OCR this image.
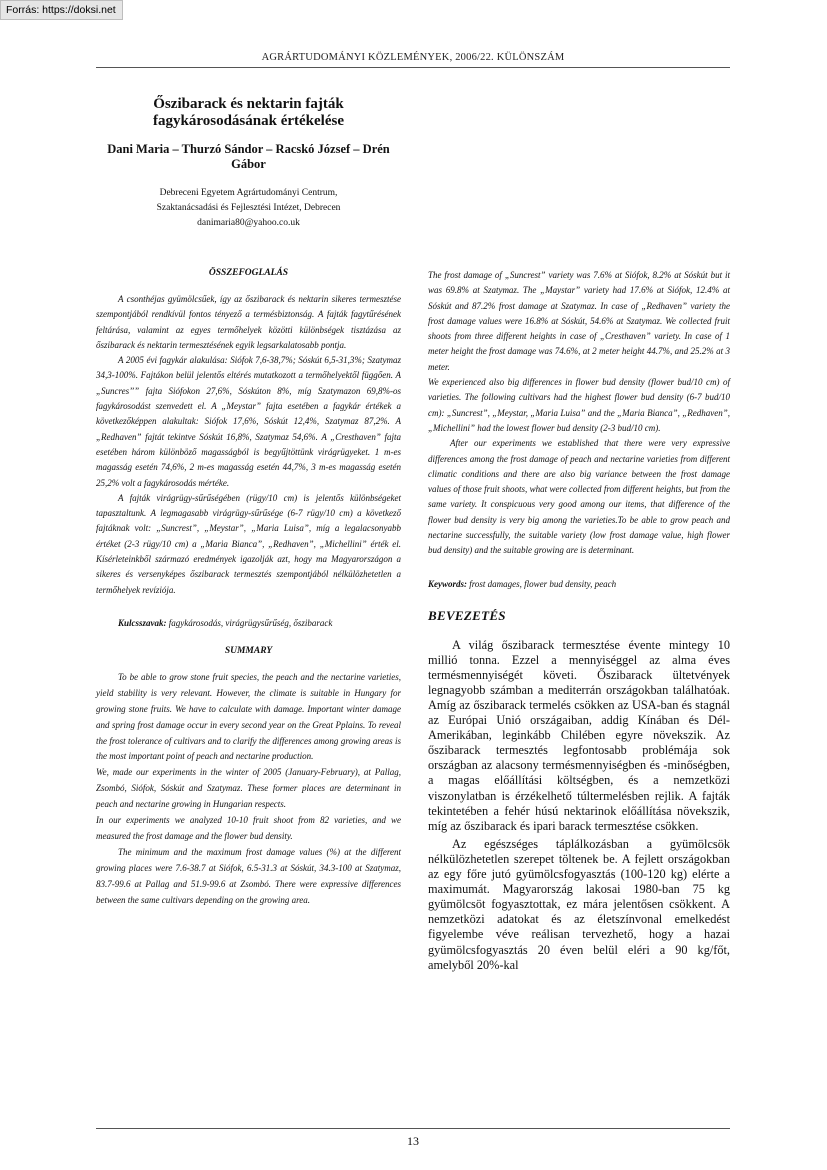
Forrás: https://doksi.net
AGRÁRTUDOMÁNYI KÖZLEMÉNYEK, 2006/22. KÜLÖNSZÁM
Őszibarack és nektarin fajták fagykárosodásának értékelése

Dani Maria – Thurzó Sándor – Racskó József – Drén Gábor

Debreceni Egyetem Agrártudományi Centrum,
Szaktanácsadási és Fejlesztési Intézet, Debrecen
danimaria80@yahoo.co.uk
ÖSSZEFOGLALÁS

A csonthéjas gyümölcsűek, így az őszibarack és nektarin sikeres termesztése szempontjából rendkívül fontos tényező a termésbiztonság. A fajták fagytűrésének feltárása, valamint az egyes termőhelyek közötti különbségek tisztázása az őszibarack és nektarin termesztésének egyik legsarkalatosabb pontja.

A 2005 évi fagykár alakulása: Siófok 7,6-38,7%; Sóskút 6,5-31,3%; Szatymaz 34,3-100%. Fajtákon belül jelentős eltérés mutatkozott a termőhelyektől függően. A „Suncres’’” fajta Siófokon 27,6%, Sóskúton 8%, míg Szatymazon 69,8%-os fagykárosodást szenvedett el. A „Meystar” fajta esetében a fagykár értékek a következőképpen alakultak: Siófok 17,6%, Sóskút 12,4%, Szatymaz 87,2%. A „Redhaven” fajtát tekintve Sóskút 16,8%, Szatymaz 54,6%. A „Cresthaven” fajta esetében három különböző magasságból is begyűjtöttünk virágrügyeket. 1 m-es magasság esetén 74,6%, 2 m-es magasság esetén 44,7%, 3 m-es magasság esetén 25,2% volt a fagykárosodás mértéke.

A fajták virágrügy-sűrűségében (rügy/10 cm) is jelentős különbségeket tapasztaltunk. A legmagasabb virágrügy-sűrűsége (6-7 rügy/10 cm) a következő fajtáknak volt: „Suncrest”, „Meystar”, „Maria Luisa”, míg a legalacsonyabb értéket (2-3 rügy/10 cm) a „Maria Bianca”, „Redhaven”, „Michellini” érték el. Kísérleteinkből származó eredmények igazolják azt, hogy ma Magyarországon a sikeres és versenyképes őszibarack termesztés szempontjából nélkülözhetetlen a termőhelyek revíziója.

Kulcsszavak: fagykárosodás, virágrügysűrűség, őszibarack

SUMMARY

To be able to grow stone fruit species, the peach and the nectarine varieties, yield stability is very relevant. However, the climate is suitable in Hungary for growing stone fruits. We have to calculate with damage. Important winter damage and spring frost damage occur in every second year on the Great Pplains. To reveal the frost tolerance of cultivars and to clarify the differences among growing areas is the most important point of peach and nectarine production.

We, made our experiments in the winter of 2005 (January-February), at Pallag, Zsombó, Siófok, Sóskút and Szatymaz. These former places are determinant in peach and nectarine growing in Hungarian respects.

In our experiments we analyzed 10-10 fruit shoot from 82 varieties, and we measured the frost damage and the flower bud density.

The minimum and the maximum frost damage values (%) at the different growing places were 7.6-38.7 at Siófok, 6.5-31.3 at Sóskút, 34.3-100 at Szatymaz, 83.7-99.6 at Pallag and 51.9-99.6 at Zsombó. There were expressive differences between the same cultivars depending on the growing area.

The frost damage of „Suncrest” variety was 7.6% at Siófok, 8.2% at Sóskút but it was 69.8% at Szatymaz. The „Maystar” variety had 17.6% at Siófok, 12.4% at Sóskút and 87.2% frost damage at Szatymaz. In case of „Redhaven” variety the frost damage values were 16.8% at Sóskút, 54.6% at Szatymaz. We collected fruit shoots from three different heights in case of „Cresthaven” variety. In case of 1 meter height the frost damage was 74.6%, at 2 meter height 44.7%, and 25.2% at 3 meter.

We experienced also big differences in flower bud density (flower bud/10 cm) of varieties. The following cultivars had the highest flower bud density (6-7 bud/10 cm): „Suncrest”, „Meystar, „Maria Luisa” and the „Maria Bianca”, „Redhaven”, „Michellini” had the lowest flower bud density (2-3 bud/10 cm).

After our experiments we established that there were very expressive differences among the frost damage of peach and nectarine varieties from different climatic conditions and there are also big variance between the frost damage values of those fruit shoots, what were collected from different heights, but from the same variety. It conspicuous very good among our items, that difference of the flower bud density is very big among the varieties.To be able to grow peach and nectarine successfully, the suitable variety (low frost damage value, high flower bud density) and the suitable growing are is determinant.

Keywords: frost damages, flower bud density, peach

BEVEZETÉS

A világ őszibarack termesztése évente mintegy 10 millió tonna. Ezzel a mennyiséggel az alma éves termésmennyiségét követi. Őszibarack ültetvények legnagyobb számban a mediterrán országokban találhatóak. Amíg az őszibarack termelés csökken az USA-ban és stagnál az Európai Unió országaiban, addig Kínában és Dél-Amerikában, leginkább Chilében egyre növekszik. Az őszibarack termesztés legfontosabb problémája sok országban az alacsony termésmennyiségben és -minőségben, a magas előállítási költségben, és a nemzetközi viszonylatban is érzékelhető túltermelésben rejlik. A fajták tekintetében a fehér húsú nektarinok előállítása növekszik, míg az őszibarack és ipari barack termesztése csökken.

Az egészséges táplálkozásban a gyümölcsök nélkülözhetetlen szerepet töltenek be. A fejlett országokban az egy főre jutó gyümölcsfogyasztás (100-120 kg) elérte a maximumát. Magyarország lakosai 1980-ban 75 kg gyümölcsöt fogyasztottak, ez mára jelentősen csökkent. A nemzetközi adatokat és az életszínvonal emelkedést figyelembe véve reálisan tervezhető, hogy a hazai gyümölcsfogyasztás 20 éven belül eléri a 90 kg/főt, amelyből 20%-kal

13
